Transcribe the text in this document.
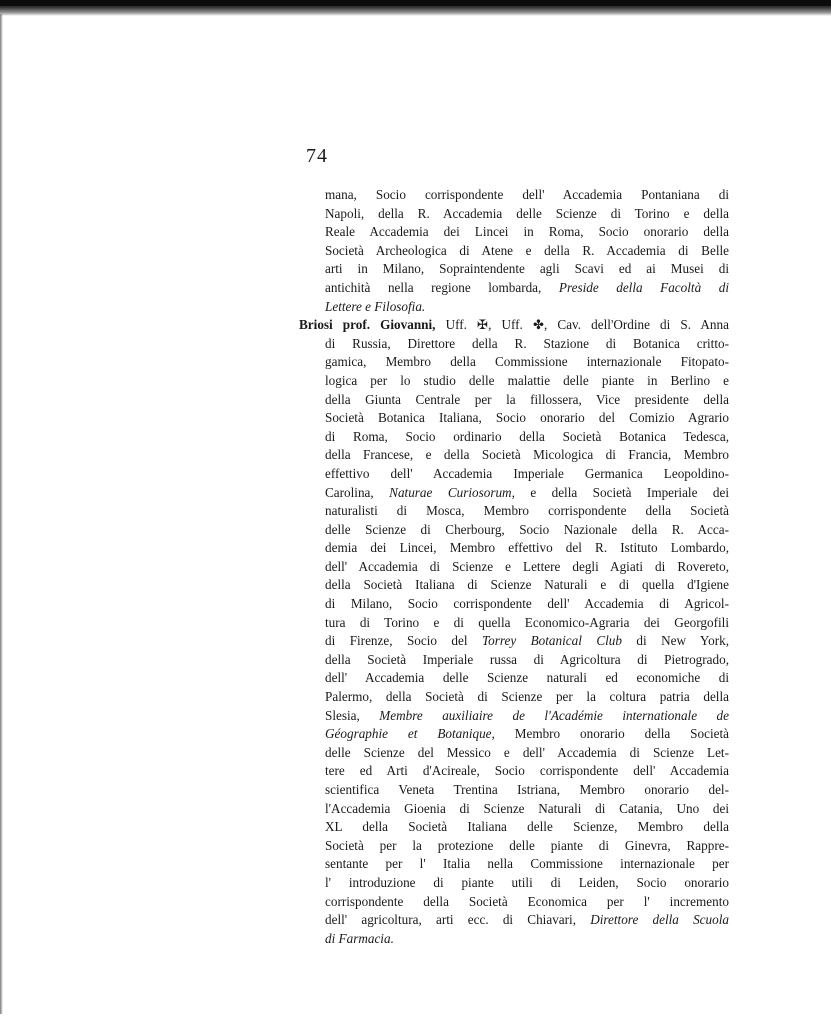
74
mana, Socio corrispondente dell' Accademia Pontaniana di
Napoli, della R. Accademia delle Scienze di Torino e della
Reale Accademia dei Lincei in Roma, Socio onorario della
Società Archeologica di Atene e della R. Accademia di Belle
arti in Milano, Sopraintendente agli Scavi ed ai Musei di
antichità nella regione lombarda, Preside della Facoltà di
Lettere e Filosofia.
Briosi prof. Giovanni, Uff. ✠, Uff. ✤, Cav. dell'Ordine di S. Anna
di Russia, Direttore della R. Stazione di Botanica critto-
gamica, Membro della Commissione internazionale Fitopato-
logica per lo studio delle malattie delle piante in Berlino e
della Giunta Centrale per la fillossera, Vice presidente della
Società Botanica Italiana, Socio onorario del Comizio Agrario
di Roma, Socio ordinario della Società Botanica Tedesca,
della Francese, e della Società Micologica di Francia, Membro
effettivo dell' Accademia Imperiale Germanica Leopoldino-
Carolina, Naturae Curiosorum, e della Società Imperiale dei
naturalisti di Mosca, Membro corrispondente della Società
delle Scienze di Cherbourg, Socio Nazionale della R. Acca-
demia dei Lincei, Membro effettivo del R. Istituto Lombardo,
dell' Accademia di Scienze e Lettere degli Agiati di Rovereto,
della Società Italiana di Scienze Naturali e di quella d'Igiene
di Milano, Socio corrispondente dell' Accademia di Agricol-
tura di Torino e di quella Economico-Agraria dei Georgofili
di Firenze, Socio del Torrey Botanical Club di New York,
della Società Imperiale russa di Agricoltura di Pietrogrado,
dell' Accademia delle Scienze naturali ed economiche di
Palermo, della Società di Scienze per la coltura patria della
Slesia, Membre auxiliaire de l'Académie internationale de
Géographie et Botanique, Membro onorario della Società
delle Scienze del Messico e dell' Accademia di Scienze Let-
tere ed Arti d'Acireale, Socio corrispondente dell' Accademia
scientifica Veneta Trentina Istriana, Membro onorario del-
l'Accademia Gioenia di Scienze Naturali di Catania, Uno dei
XL della Società Italiana delle Scienze, Membro della
Società per la protezione delle piante di Ginevra, Rappre-
sentante per l' Italia nella Commissione internazionale per
l' introduzione di piante utili di Leiden, Socio onorario
corrispondente della Società Economica per l' incremento
dell' agricoltura, arti ecc. di Chiavari, Direttore della Scuola
di Farmacia.
